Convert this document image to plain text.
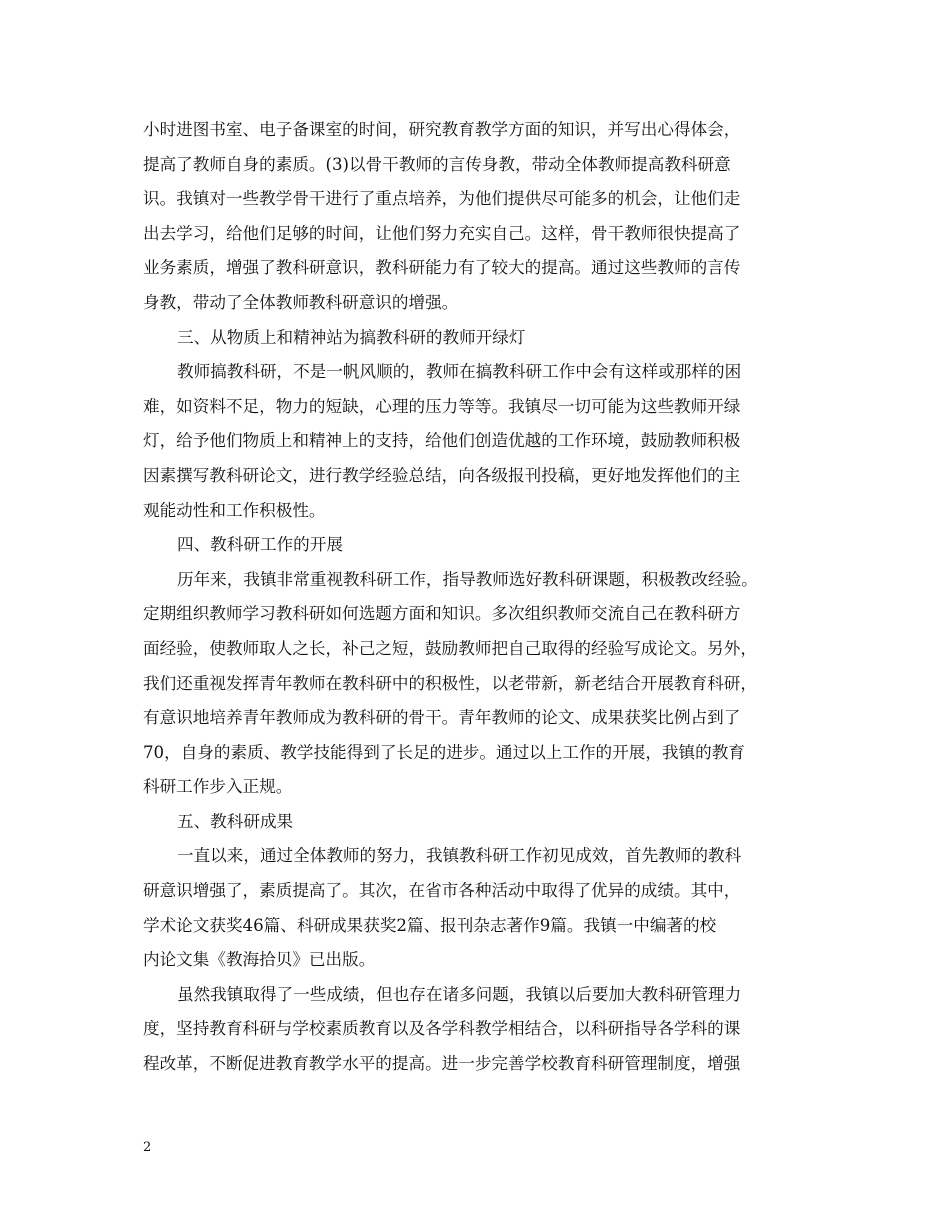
小时进图书室、电子备课室的时间，研究教育教学方面的知识，并写出心得体会，
提高了教师自身的素质。(3)以骨干教师的言传身教，带动全体教师提高教科研意
识。我镇对一些教学骨干进行了重点培养，为他们提供尽可能多的机会，让他们走
出去学习，给他们足够的时间，让他们努力充实自己。这样，骨干教师很快提高了
业务素质，增强了教科研意识，教科研能力有了较大的提高。通过这些教师的言传
身教，带动了全体教师教科研意识的增强。
三、从物质上和精神站为搞教科研的教师开绿灯
教师搞教科研，不是一帆风顺的，教师在搞教科研工作中会有这样或那样的困
难，如资料不足，物力的短缺，心理的压力等等。我镇尽一切可能为这些教师开绿
灯，给予他们物质上和精神上的支持，给他们创造优越的工作环境，鼓励教师积极
因素撰写教科研论文，进行教学经验总结，向各级报刊投稿，更好地发挥他们的主
观能动性和工作积极性。
四、教科研工作的开展
历年来，我镇非常重视教科研工作，指导教师选好教科研课题，积极教改经验。
定期组织教师学习教科研如何选题方面和知识。多次组织教师交流自己在教科研方
面经验，使教师取人之长，补己之短，鼓励教师把自己取得的经验写成论文。另外，
我们还重视发挥青年教师在教科研中的积极性，以老带新，新老结合开展教育科研，
有意识地培养青年教师成为教科研的骨干。青年教师的论文、成果获奖比例占到了
70，自身的素质、教学技能得到了长足的进步。通过以上工作的开展，我镇的教育
科研工作步入正规。
五、教科研成果
一直以来，通过全体教师的努力，我镇教科研工作初见成效，首先教师的教科
研意识增强了，素质提高了。其次，在省市各种活动中取得了优异的成绩。其中，
学术论文获奖46篇、科研成果获奖2篇、报刊杂志著作9篇。我镇一中编著的校
内论文集《教海拾贝》已出版。
虽然我镇取得了一些成绩，但也存在诸多问题，我镇以后要加大教科研管理力
度，坚持教育科研与学校素质教育以及各学科教学相结合，以科研指导各学科的课
程改革，不断促进教育教学水平的提高。进一步完善学校教育科研管理制度，增强
2
